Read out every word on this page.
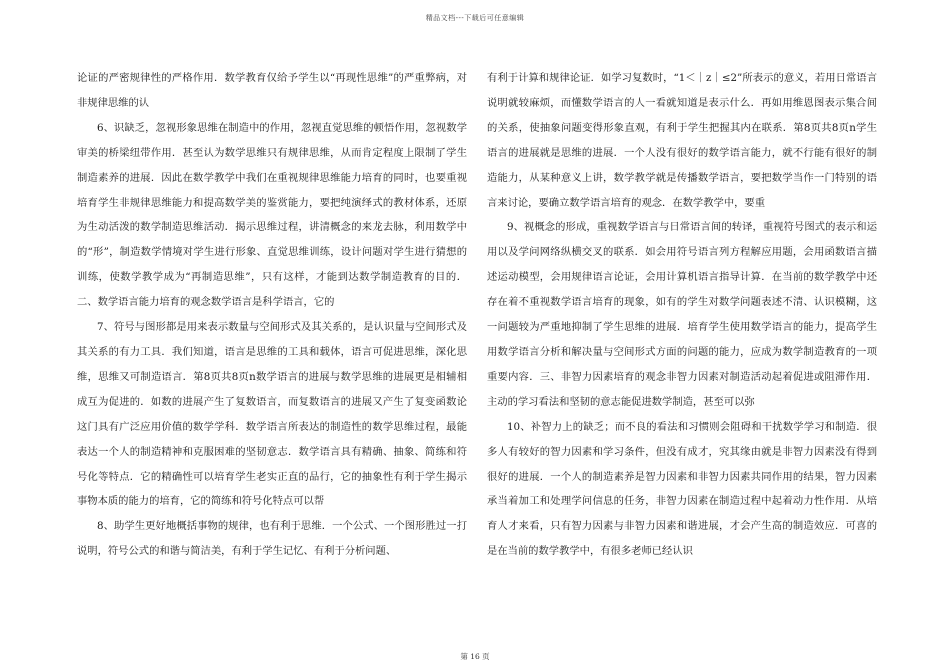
精品文档---下载后可任意编辑

论证的严密规律性的严格作用．数学教育仅给予学生以“再现性思维”的严重弊病，对非规律思维的认

6、识缺乏，忽视形象思维在制造中的作用，忽视直觉思维的顿悟作用，忽视数学审美的桥梁纽带作用．甚至认为数学思维只有规律思维，从而肯定程度上限制了学生制造素养的进展．因此在数学教学中我们在重视规律思维能力培育的同时，也要重视培育学生非规律思维能力和提高数学美的鉴赏能力，要把纯演绎式的教材体系，还原为生动活泼的数学制造思维活动．揭示思维过程，讲清概念的来龙去脉，利用数学中的“形”，制造数学情境对学生进行形象、直觉思维训练，设计问题对学生进行猜想的训练，使数学教学成为“再制造思维”，只有这样，才能到达数学制造教育的目的．二、数学语言能力培育的观念数学语言是科学语言，它的

7、符号与图形都是用来表示数量与空间形式及其关系的，是认识量与空间形式及其关系的有力工具．我们知道，语言是思维的工具和载体，语言可促进思维，深化思维，思维又可制造语言．第8页共8页n数学语言的进展与数学思维的进展更是相辅相成互为促进的．如数的进展产生了复数语言，而复数语言的进展又产生了复变函数论这门具有广泛应用价值的数学学科．数学语言所表达的制造性的数学思维过程，最能表达一个人的制造精神和克服困难的坚韧意志．数学语言具有精确、抽象、简练和符号化等特点．它的精确性可以培育学生老实正直的品行，它的抽象性有利于学生揭示事物本质的能力的培育，它的简练和符号化特点可以帮

8、助学生更好地概括事物的规律，也有利于思维．一个公式、一个图形胜过一打说明，符号公式的和谐与简洁美，有利于学生记忆、有利于分析问题、

有利于计算和规律论证．如学习复数时，“1＜｜z｜≤2”所表示的意义，若用日常语言说明就较麻烦，而懂数学语言的人一看就知道是表示什么．再如用维恩图表示集合间的关系，使抽象问题变得形象直观，有利于学生把握其内在联系．第8页共8页n学生语言的进展就是思维的进展．一个人没有很好的数学语言能力，就不行能有很好的制造能力，从某种意义上讲，数学教学就是传播数学语言，要把数学当作一门特别的语言来讨论，要确立数学语言培育的观念．在数学教学中，要重

9、视概念的形成，重视数学语言与日常语言间的转译，重视符号图式的表示和运用以及学问网络纵横交叉的联系．如会用符号语言列方程解应用题，会用函数语言描述运动模型，会用规律语言论证，会用计算机语言指导计算．在当前的数学教学中还存在着不重视数学语言培育的现象，如有的学生对数学问题表述不清、认识模糊，这一问题较为严重地抑制了学生思维的进展．培育学生使用数学语言的能力，提高学生用数学语言分析和解决量与空间形式方面的问题的能力，应成为数学制造教育的一项重要内容．三、非智力因素培育的观念非智力因素对制造活动起着促进或阻滞作用．主动的学习看法和坚韧的意志能促进数学制造，甚至可以弥

10、补智力上的缺乏；而不良的看法和习惯则会阻碍和干扰数学学习和制造．很多人有较好的智力因素和学习条件，但没有成才，究其缘由就是非智力因素没有得到很好的进展．一个人的制造素养是智力因素和非智力因素共同作用的结果，智力因素承当着加工和处理学问信息的任务，非智力因素在制造过程中起着动力性作用．从培育人才来看，只有智力因素与非智力因素和谐进展，才会产生高的制造效应．可喜的是在当前的数学教学中，有很多老师已经认识

第 16 页
